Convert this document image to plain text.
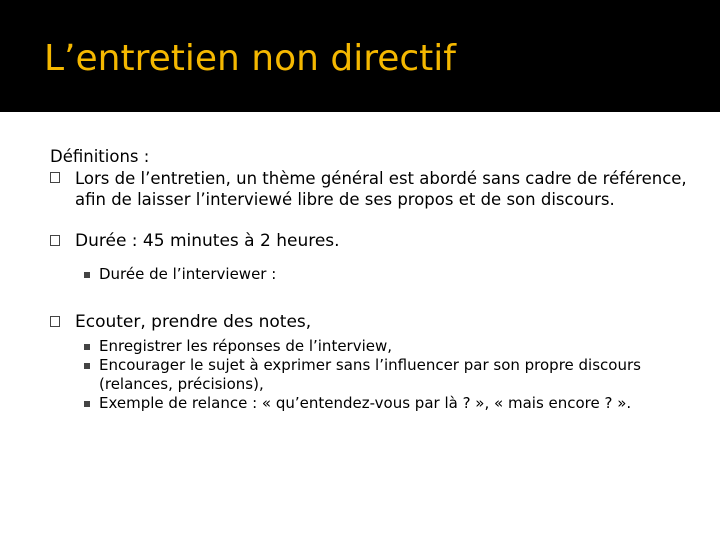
L’entretien non directif

Définitions :

Lors de l’entretien, un thème général est abordé sans cadre de référence, afin de laisser l’interviewé libre de ses propos et de son discours.
Durée : 45 minutes à 2 heures.
Durée de l’interviewer :
Ecouter, prendre des notes,
Enregistrer les réponses de l’interview,
Encourager le sujet à exprimer sans l’influencer par son propre discours (relances, précisions),
Exemple de relance : « qu’entendez-vous par là ? », « mais encore ? ».
